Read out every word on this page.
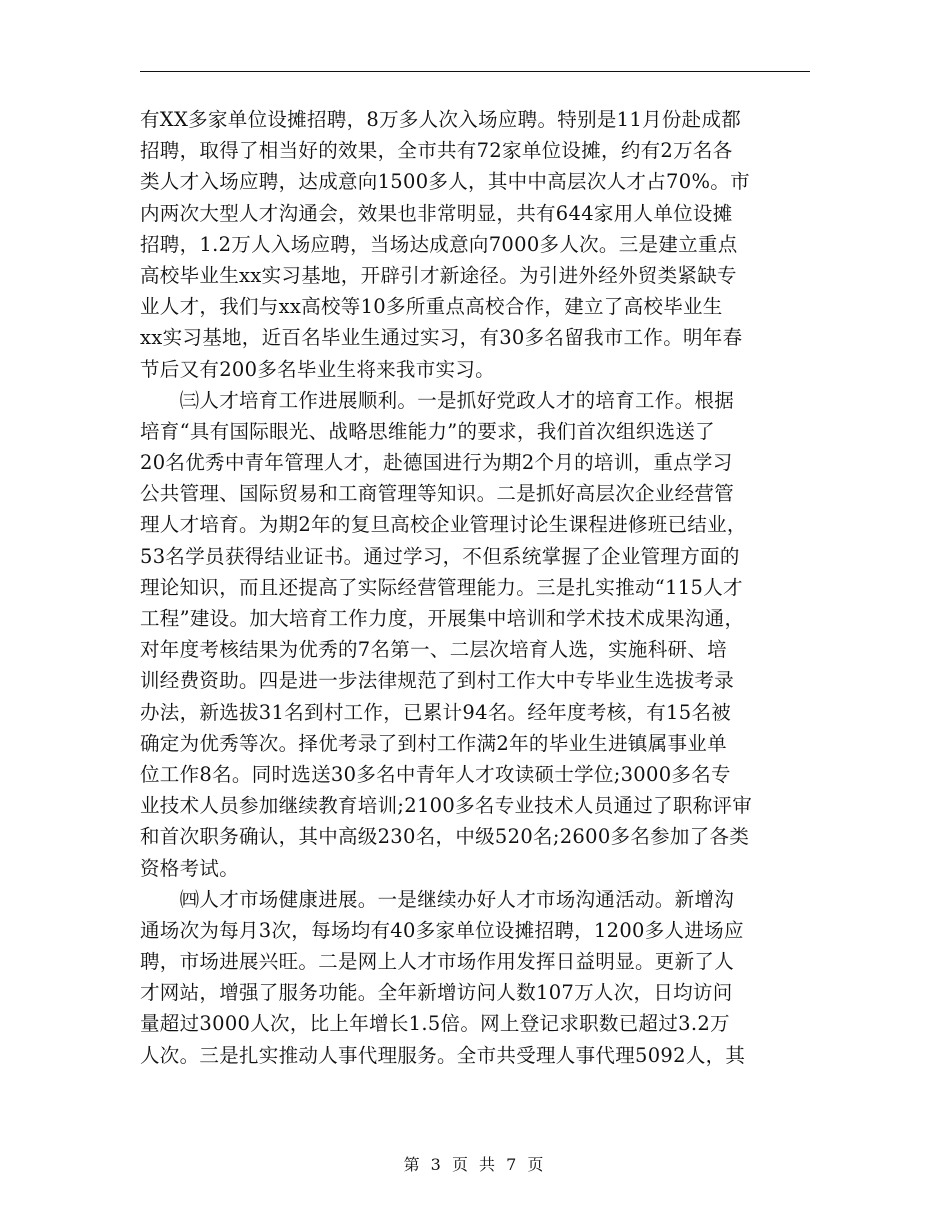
有XX多家单位设摊招聘，8万多人次入场应聘。特别是11月份赴成都
招聘，取得了相当好的效果，全市共有72家单位设摊，约有2万名各
类人才入场应聘，达成意向1500多人，其中中高层次人才占70%。市
内两次大型人才沟通会，效果也非常明显，共有644家用人单位设摊
招聘，1.2万人入场应聘，当场达成意向7000多人次。三是建立重点
高校毕业生xx实习基地，开辟引才新途径。为引进外经外贸类紧缺专
业人才，我们与xx高校等10多所重点高校合作，建立了高校毕业生
xx实习基地，近百名毕业生通过实习，有30多名留我市工作。明年春
节后又有200多名毕业生将来我市实习。
　　㈢人才培育工作进展顺利。一是抓好党政人才的培育工作。根据
培育“具有国际眼光、战略思维能力”的要求，我们首次组织选送了
20名优秀中青年管理人才，赴德国进行为期2个月的培训，重点学习
公共管理、国际贸易和工商管理等知识。二是抓好高层次企业经营管
理人才培育。为期2年的复旦高校企业管理讨论生课程进修班已结业，
53名学员获得结业证书。通过学习，不但系统掌握了企业管理方面的
理论知识，而且还提高了实际经营管理能力。三是扎实推动“115人才
工程”建设。加大培育工作力度，开展集中培训和学术技术成果沟通，
对年度考核结果为优秀的7名第一、二层次培育人选，实施科研、培
训经费资助。四是进一步法律规范了到村工作大中专毕业生选拔考录
办法，新选拔31名到村工作，已累计94名。经年度考核，有15名被
确定为优秀等次。择优考录了到村工作满2年的毕业生进镇属事业单
位工作8名。同时选送30多名中青年人才攻读硕士学位;3000多名专
业技术人员参加继续教育培训;2100多名专业技术人员通过了职称评审
和首次职务确认，其中高级230名，中级520名;2600多名参加了各类
资格考试。
　　㈣人才市场健康进展。一是继续办好人才市场沟通活动。新增沟
通场次为每月3次，每场均有40多家单位设摊招聘，1200多人进场应
聘，市场进展兴旺。二是网上人才市场作用发挥日益明显。更新了人
才网站，增强了服务功能。全年新增访问人数107万人次，日均访问
量超过3000人次，比上年增长1.5倍。网上登记求职数已超过3.2万
人次。三是扎实推动人事代理服务。全市共受理人事代理5092人，其
第 3 页 共 7 页
